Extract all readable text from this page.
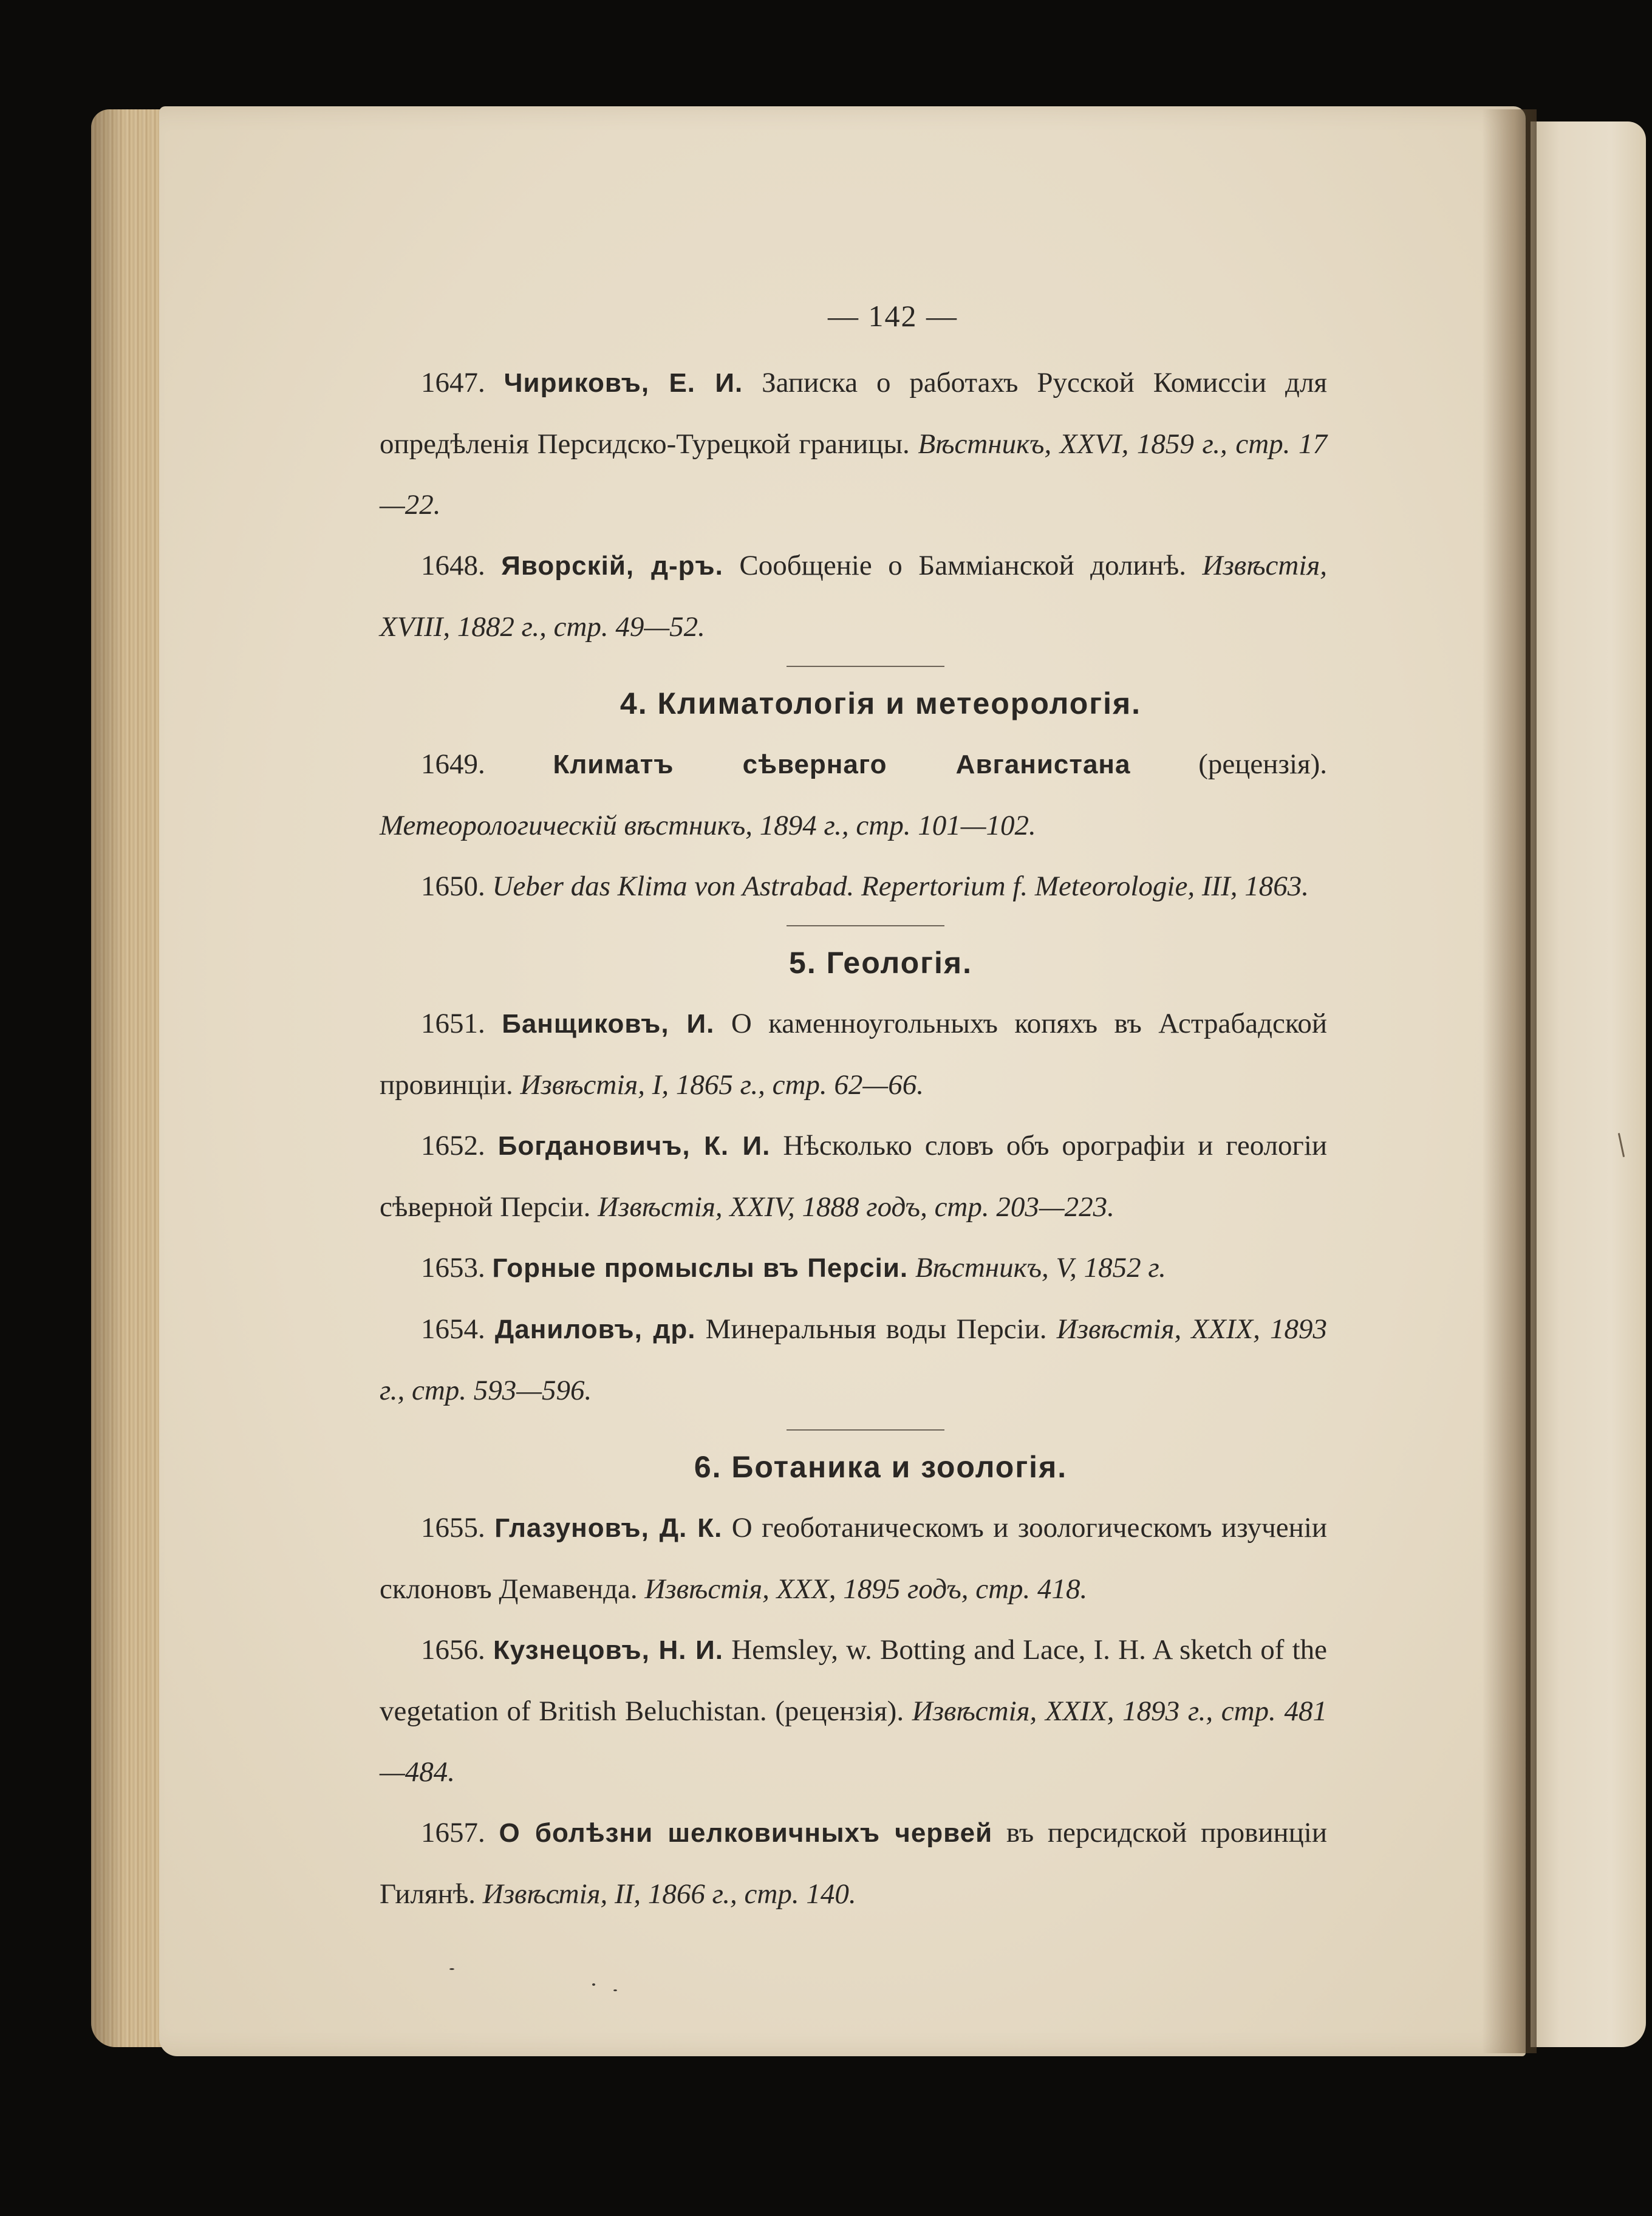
— 142 —

1647. Чириковъ, Е. И. Записка о работахъ Русской Комиссіи для опредѣленія Персидско-Турецкой границы. Вѣстникъ, XXVI, 1859 г., стр. 17—22.

1648. Яворскій, д-ръ. Сообщеніе о Бамміанской долинѣ. Извѣстія, XVIII, 1882 г., стр. 49—52.

4. Климатологія и метеорологія.

1649.	Климатъ сѣвернаго Авганистана (рецензія). Метеорологическій вѣстникъ, 1894 г., стр. 101—102.

1650. Ueber das Klima von Astrabad. Repertorium f. Meteorologie, III, 1863.

5. Геологія.

1651. Банщиковъ, И. О каменноугольныхъ копяхъ въ Астрабадской провинціи. Извѣстія, I, 1865 г., стр. 62—66.

1652. Богдановичъ, К. И. Нѣсколько словъ объ орографіи и геологіи сѣверной Персіи. Извѣстія, XXIV, 1888 годъ, стр. 203—223.

1653. Горные промыслы въ Персіи. Вѣстникъ, V, 1852 г.

1654. Даниловъ, др. Минеральныя воды Персіи. Извѣстія, XXIX, 1893 г., стр. 593—596.

6. Ботаника и зоологія.

1655. Глазуновъ, Д. К. О геоботаническомъ и зоологическомъ изученіи склоновъ Демавенда. Извѣстія, XXX, 1895 годъ, стр. 418.

1656. Кузнецовъ, Н. И. Hemsley, w. Botting and Lace, I. H. A sketch of the vegetation of British Beluchistan. (рецензія). Извѣстія, XXIX, 1893 г., стр. 481—484.

1657. О болѣзни шелковичныхъ червей въ персидской провинціи Гилянѣ. Извѣстія, II, 1866 г., стр. 140.
